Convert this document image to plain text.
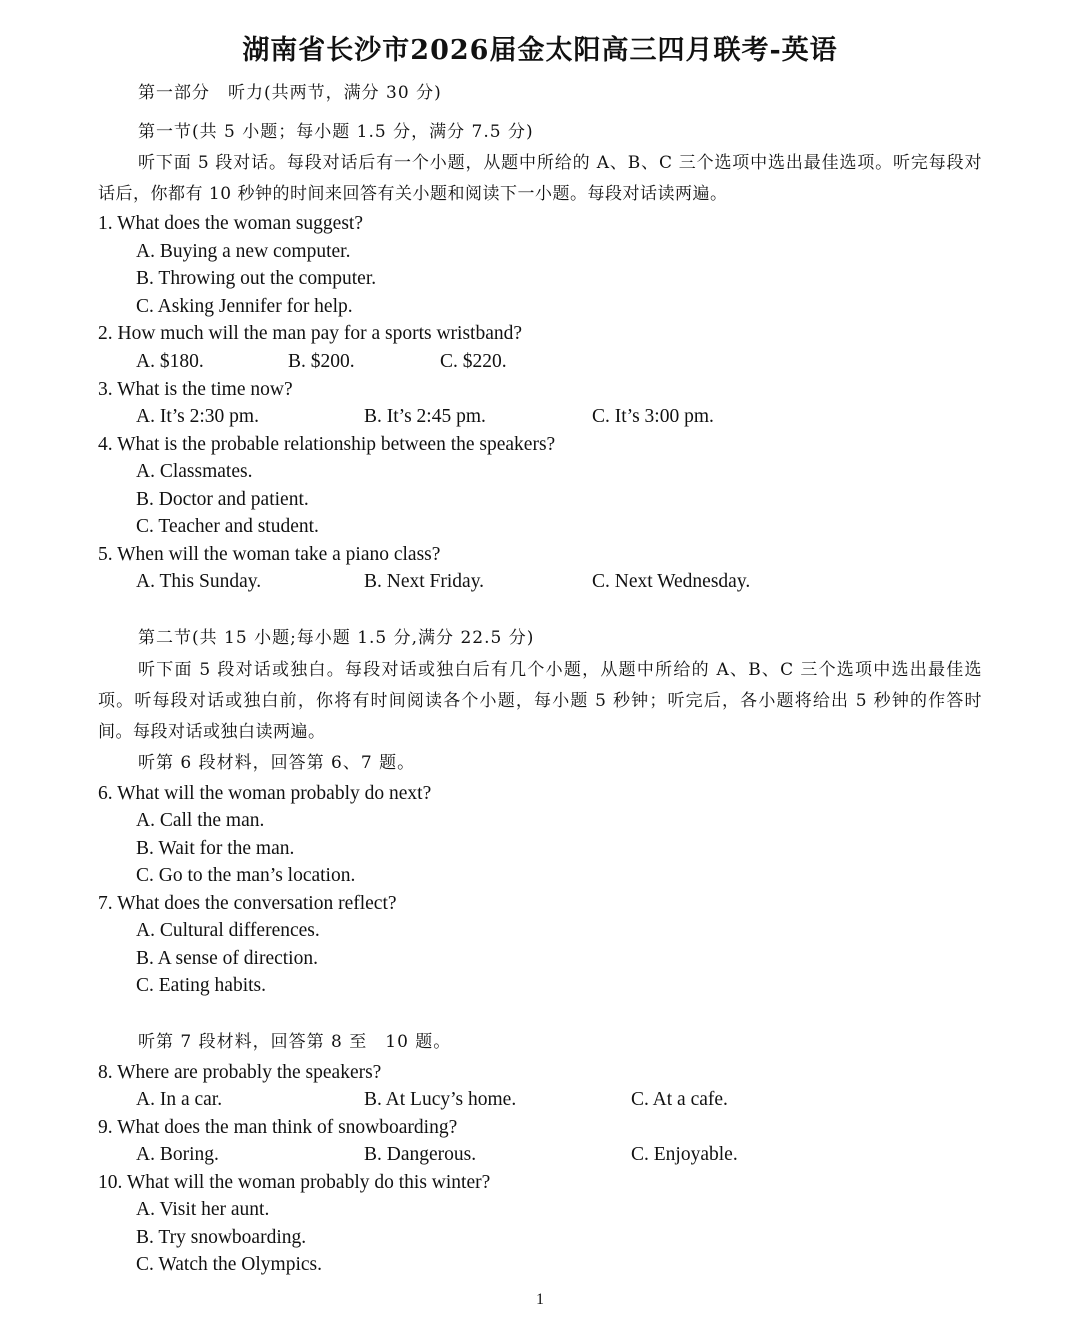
湖南省长沙市2026届金太阳高三四月联考-英语
第一部分　听力(共两节，满分 30 分)
第一节(共 5 小题；每小题 1.5 分，满分 7.5 分)
听下面 5 段对话。每段对话后有一个小题，从题中所给的 A、B、C 三个选项中选出最佳选项。听完每段对话后，你都有 10 秒钟的时间来回答有关小题和阅读下一小题。每段对话读两遍。
1. What does the woman suggest?
A. Buying a new computer.
B. Throwing out the computer.
C. Asking Jennifer for help.
2. How much will the man pay for a sports wristband?
A. $180.	B. $200.	C. $220.
3. What is the time now?
A. It’s 2:30 pm.	B. It’s 2:45 pm.	C. It’s 3:00 pm.
4. What is the probable relationship between the speakers?
A. Classmates.
B. Doctor and patient.
C. Teacher and student.
5. When will the woman take a piano class?
A. This Sunday.	B. Next Friday.	C. Next Wednesday.
第二节(共 15 小题;每小题 1.5 分,满分 22.5 分)
听下面 5 段对话或独白。每段对话或独白后有几个小题，从题中所给的 A、B、C 三个选项中选出最佳选项。听每段对话或独白前，你将有时间阅读各个小题，每小题 5 秒钟；听完后，各小题将给出 5 秒钟的作答时间。每段对话或独白读两遍。
听第 6 段材料，回答第 6、7 题。
6. What will the woman probably do next?
A. Call the man.
B. Wait for the man.
C. Go to the man’s location.
7. What does the conversation reflect?
A. Cultural differences.
B. A sense of direction.
C. Eating habits.
听第 7 段材料，回答第 8 至　10 题。
8. Where are probably the speakers?
A. In a car.	B. At Lucy’s home.	C. At a cafe.
9. What does the man think of snowboarding?
A. Boring.	B. Dangerous.	C. Enjoyable.
10. What will the woman probably do this winter?
A. Visit her aunt.
B. Try snowboarding.
C. Watch the Olympics.
1
